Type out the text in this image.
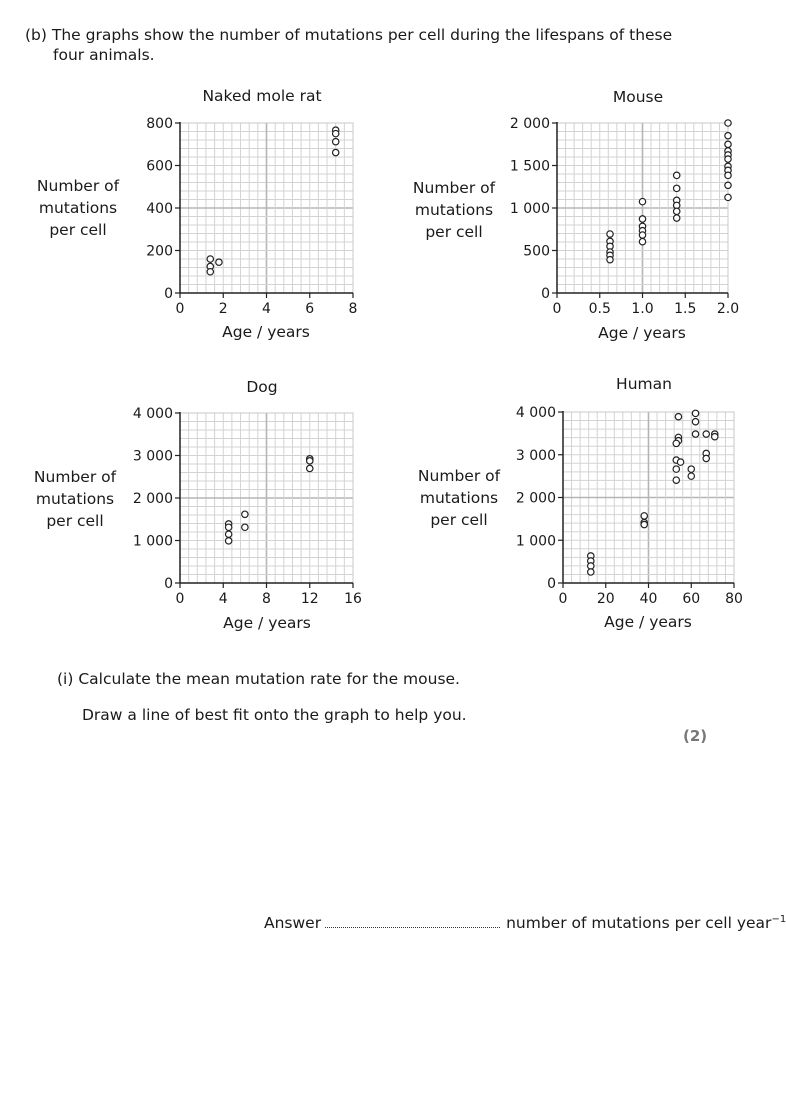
(b) The graphs show the number of mutations per cell during the lifespans of these
four animals.
Naked mole rat	Mouse
Dog	Human
Number of
mutations
per cell
Number of
mutations
per cell
Number of
mutations
per cell
Number of
mutations
per cell
Age / years	Age / years
Age / years	Age / years
0 2 4 6 8
0
200
400
600
800
0 0.5 1.0 1.5 2.0
0
500
1 000
1 500
2 000
0 4 8 12 16
0
1 000
2 000
3 000
4 000
0 20 40 60 80
0
1 000
2 000
3 000
4 000
(i) Calculate the mean mutation rate for the mouse.
Draw a line of best fit onto the graph to help you.
(2)
Answer	number of mutations per cell year$^{-1}$
